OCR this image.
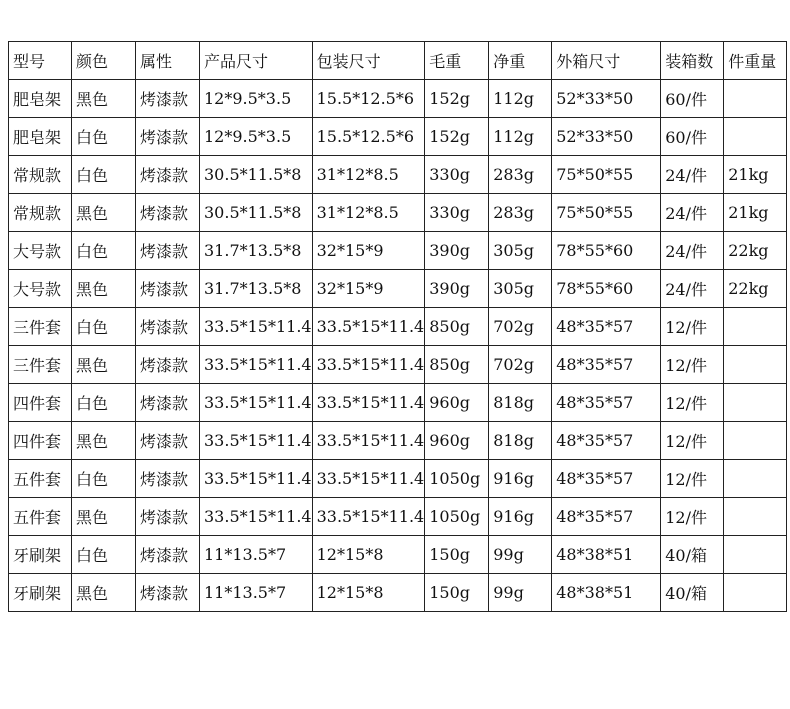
型号	颜色	属性	产品尺寸	包装尺寸	毛重	净重	外箱尺寸	装箱数	件重量
肥皂架	黑色	烤漆款	12*9.5*3.5	15.5*12.5*6	152g	112g	52*33*50	60/件	
肥皂架	白色	烤漆款	12*9.5*3.5	15.5*12.5*6	152g	112g	52*33*50	60/件	
常规款	白色	烤漆款	30.5*11.5*8	31*12*8.5	330g	283g	75*50*55	24/件	21kg
常规款	黑色	烤漆款	30.5*11.5*8	31*12*8.5	330g	283g	75*50*55	24/件	21kg
大号款	白色	烤漆款	31.7*13.5*8	32*15*9	390g	305g	78*55*60	24/件	22kg
大号款	黑色	烤漆款	31.7*13.5*8	32*15*9	390g	305g	78*55*60	24/件	22kg
三件套	白色	烤漆款	33.5*15*11.4	33.5*15*11.4	850g	702g	48*35*57	12/件	
三件套	黑色	烤漆款	33.5*15*11.4	33.5*15*11.4	850g	702g	48*35*57	12/件	
四件套	白色	烤漆款	33.5*15*11.4	33.5*15*11.4	960g	818g	48*35*57	12/件	
四件套	黑色	烤漆款	33.5*15*11.4	33.5*15*11.4	960g	818g	48*35*57	12/件	
五件套	白色	烤漆款	33.5*15*11.4	33.5*15*11.4	1050g	916g	48*35*57	12/件	
五件套	黑色	烤漆款	33.5*15*11.4	33.5*15*11.4	1050g	916g	48*35*57	12/件	
牙刷架	白色	烤漆款	11*13.5*7	12*15*8	150g	99g	48*38*51	40/箱	
牙刷架	黑色	烤漆款	11*13.5*7	12*15*8	150g	99g	48*38*51	40/箱	
